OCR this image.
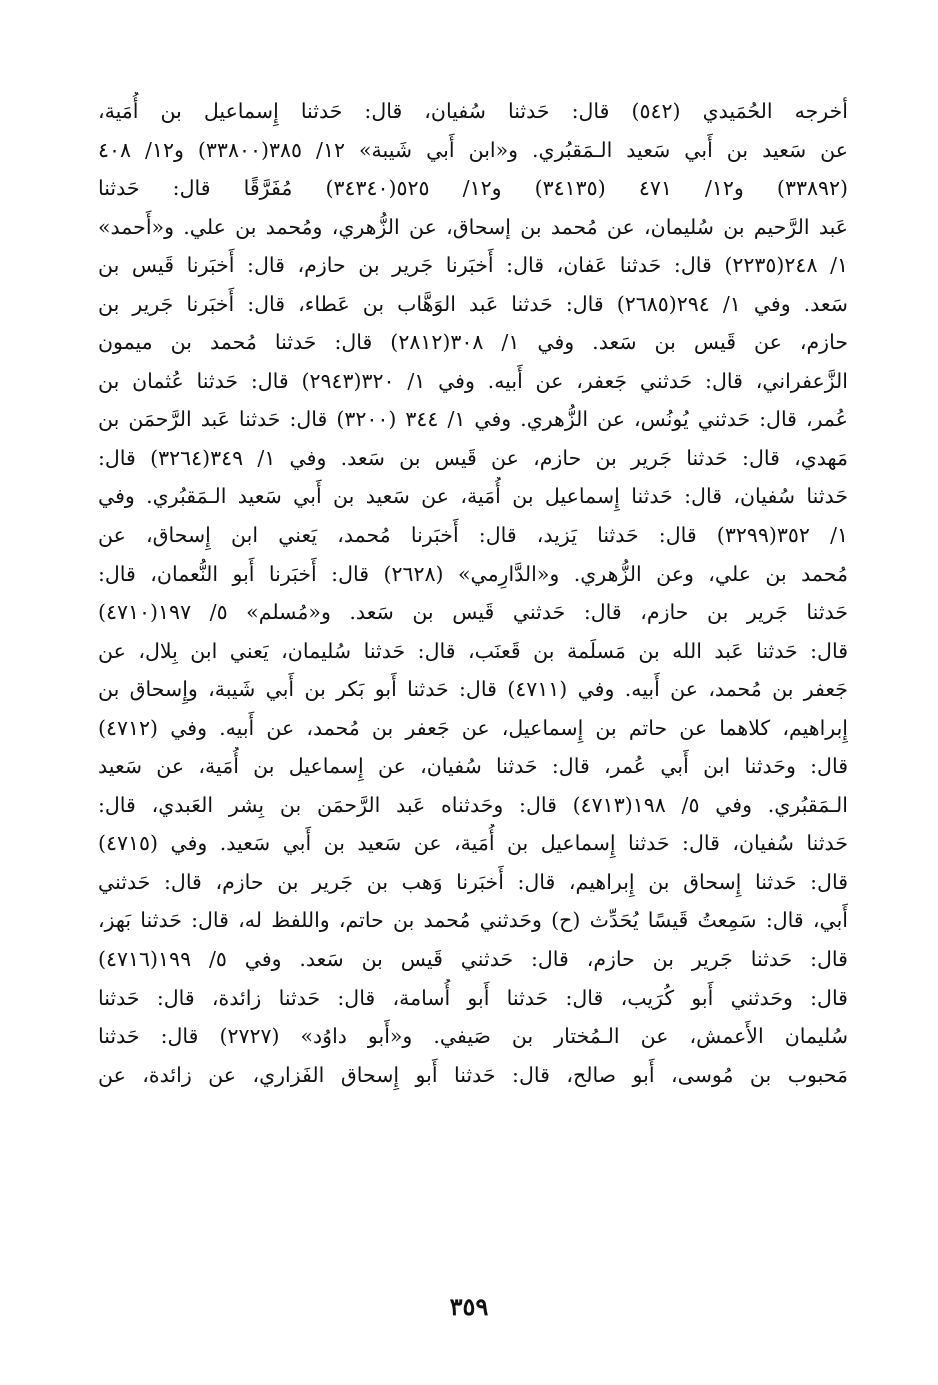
أخرجه الحُمَيدي (٥٤٢) قال: حَدثنا سُفيان، قال: حَدثنا إِسماعيل بن أُمَية،
عن سَعيد بن أَبي سَعيد الـمَقبُري. و«ابن أَبي شَيبة» ١٢/ ٣٨٥(٣٣٨٠٠) و١٢/ ٤٠٨
(٣٣٨٩٢) و١٢/ ٤٧١ (٣٤١٣٥) و١٢/ ٥٢٥(٣٤٣٤٠) مُفَرَّقًا قال: حَدثنا
عَبد الرَّحيم بن سُليمان، عن مُحمد بن إسحاق، عن الزُّهري، ومُحمد بن علي. و«أَحمد»
١/ ٢٤٨(٢٢٣٥) قال: حَدثنا عَفان، قال: أَخبَرنا جَرير بن حازم، قال: أَخبَرنا قَيس بن
سَعد. وفي ١/ ٢٩٤(٢٦٨٥) قال: حَدثنا عَبد الوَهَّاب بن عَطاء، قال: أَخبَرنا جَرير بن
حازم، عن قَيس بن سَعد. وفي ١/ ٣٠٨(٢٨١٢) قال: حَدثنا مُحمد بن ميمون
الزَّعفراني، قال: حَدثني جَعفر، عن أَبيه. وفي ١/ ٣٢٠(٢٩٤٣) قال: حَدثنا عُثمان بن
عُمر، قال: حَدثني يُونُس، عن الزُّهري. وفي ١/ ٣٤٤ (٣٢٠٠) قال: حَدثنا عَبد الرَّحمَن بن
مَهدي، قال: حَدثنا جَرير بن حازم، عن قَيس بن سَعد. وفي ١/ ٣٤٩(٣٢٦٤) قال:
حَدثنا سُفيان، قال: حَدثنا إِسماعيل بن أُمَية، عن سَعيد بن أَبي سَعيد الـمَقبُري. وفي
١/ ٣٥٢(٣٢٩٩) قال: حَدثنا يَزيد، قال: أَخبَرنا مُحمد، يَعني ابن إِسحاق، عن
مُحمد بن علي، وعن الزُّهري. و«الدَّارِمي» (٢٦٢٨) قال: أَخبَرنا أَبو النُّعمان، قال:
حَدثنا جَرير بن حازم، قال: حَدثني قَيس بن سَعد. و«مُسلم» ٥/ ١٩٧(٤٧١٠)
قال: حَدثنا عَبد الله بن مَسلَمة بن قَعنَب، قال: حَدثنا سُليمان، يَعني ابن بِلال، عن
جَعفر بن مُحمد، عن أَبيه. وفي (٤٧١١) قال: حَدثنا أَبو بَكر بن أَبي شَيبة، وإِسحاق بن
إِبراهيم، كلاهما عن حاتم بن إِسماعيل، عن جَعفر بن مُحمد، عن أَبيه. وفي (٤٧١٢)
قال: وحَدثنا ابن أَبي عُمر، قال: حَدثنا سُفيان، عن إِسماعيل بن أُمَية، عن سَعيد
الـمَقبُري. وفي ٥/ ١٩٨(٤٧١٣) قال: وحَدثناه عَبد الرَّحمَن بن بِشر العَبدي، قال:
حَدثنا سُفيان، قال: حَدثنا إِسماعيل بن أُمَية، عن سَعيد بن أَبي سَعيد. وفي (٤٧١٥)
قال: حَدثنا إِسحاق بن إِبراهيم، قال: أَخبَرنا وَهب بن جَرير بن حازم، قال: حَدثني
أَبي، قال: سَمِعتُ قَيسًا يُحَدِّث (ح) وحَدثني مُحمد بن حاتم، واللفظ له، قال: حَدثنا بَهز،
قال: حَدثنا جَرير بن حازم، قال: حَدثني قَيس بن سَعد. وفي ٥/ ١٩٩(٤٧١٦)
قال: وحَدثني أَبو كُرَيب، قال: حَدثنا أَبو أُسامة، قال: حَدثنا زائدة، قال: حَدثنا
سُليمان الأَعمش، عن الـمُختار بن صَيفي. و«أَبو داوُد» (٢٧٢٧) قال: حَدثنا
مَحبوب بن مُوسى، أَبو صالح، قال: حَدثنا أَبو إِسحاق الفَزاري، عن زائدة، عن
٣٥٩
